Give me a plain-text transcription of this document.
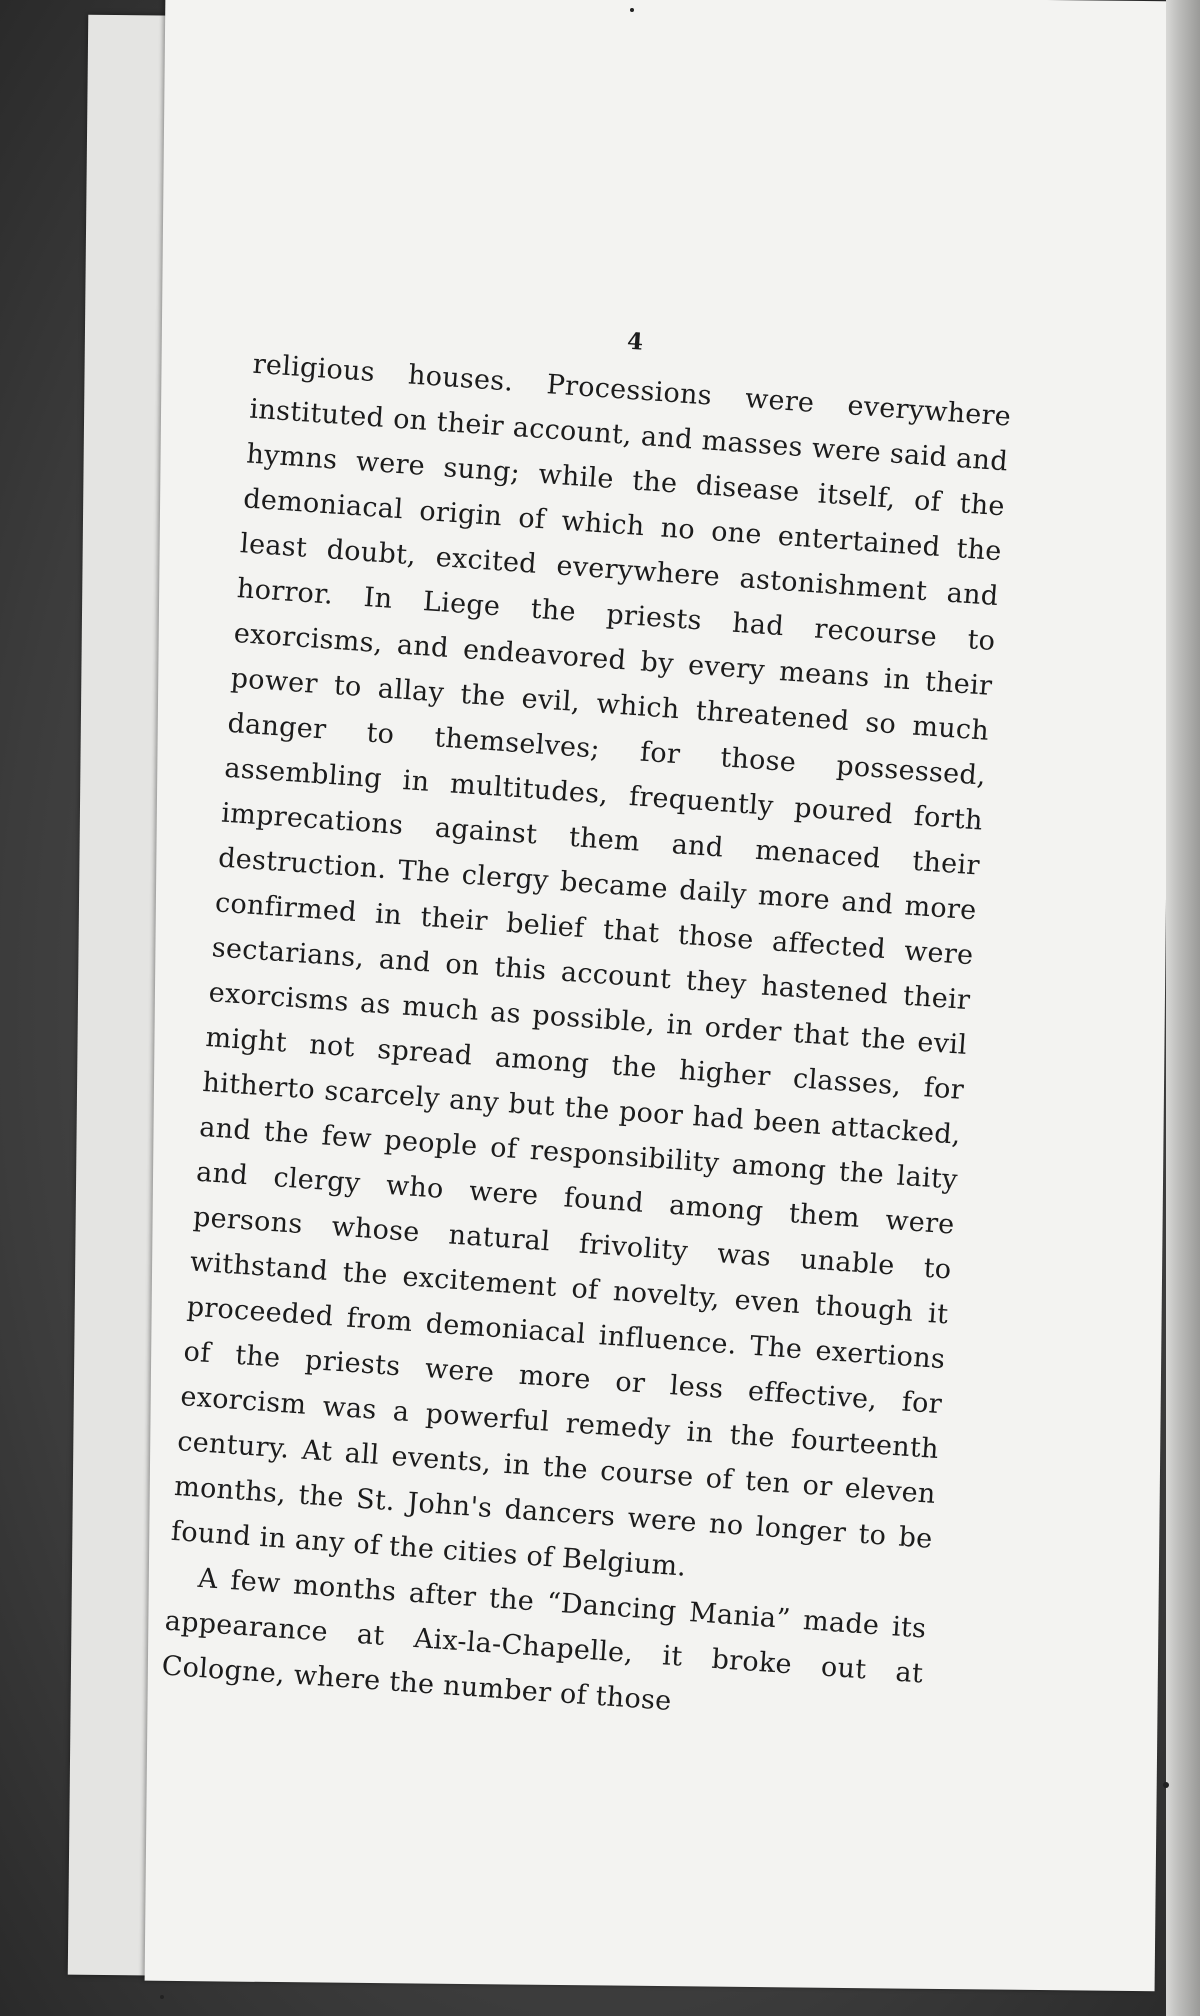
4

religious houses. Processions were everywhere instituted on their account, and masses were said and hymns were sung; while the disease itself, of the demoniacal origin of which no one entertained the least doubt, excited everywhere astonishment and horror. In Liege the priests had recourse to exorcisms, and endeavored by every means in their power to allay the evil, which threatened so much danger to themselves; for those possessed, assembling in multitudes, frequently poured forth imprecations against them and menaced their destruction. The clergy became daily more and more confirmed in their belief that those affected were sectarians, and on this account they hastened their exorcisms as much as possible, in order that the evil might not spread among the higher classes, for hitherto scarcely any but the poor had been attacked, and the few people of responsibility among the laity and clergy who were found among them were persons whose natural frivolity was unable to withstand the excitement of novelty, even though it proceeded from demoniacal influence. The exertions of the priests were more or less effective, for exorcism was a powerful remedy in the fourteenth century. At all events, in the course of ten or eleven months, the St. John's dancers were no longer to be found in any of the cities of Belgium.

A few months after the “Dancing Mania” made its appearance at Aix-la-Chapelle, it broke out at Cologne, where the number of those
